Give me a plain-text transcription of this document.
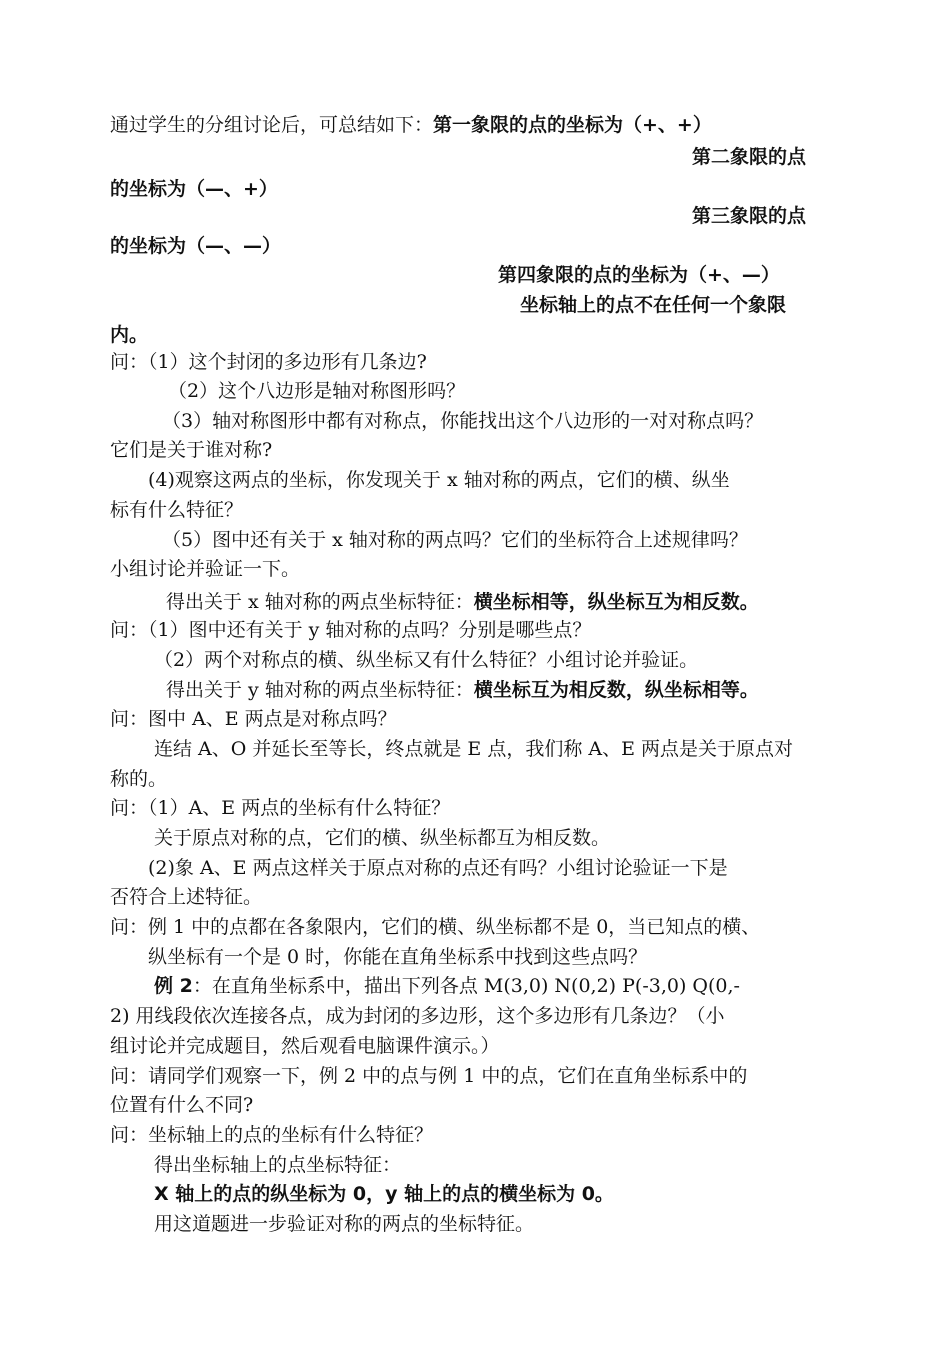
通过学生的分组讨论后，可总结如下：第一象限的点的坐标为（+、+）
第二象限的点
的坐标为（—、+）
第三象限的点
的坐标为（—、—）
第四象限的点的坐标为（+、—）
坐标轴上的点不在任何一个象限
内。
问：（1）这个封闭的多边形有几条边?
（2）这个八边形是轴对称图形吗？
（3）轴对称图形中都有对称点，你能找出这个八边形的一对对称点吗？
它们是关于谁对称?
(4)观察这两点的坐标，你发现关于 x 轴对称的两点，它们的横、纵坐
标有什么特征？
（5）图中还有关于 x 轴对称的两点吗？它们的坐标符合上述规律吗？
小组讨论并验证一下。
得出关于 x 轴对称的两点坐标特征：横坐标相等，纵坐标互为相反数。
问：（1）图中还有关于 y 轴对称的点吗？分别是哪些点？
（2）两个对称点的横、纵坐标又有什么特征？小组讨论并验证。
得出关于 y 轴对称的两点坐标特征：横坐标互为相反数，纵坐标相等。
问：图中 A、E 两点是对称点吗？
连结 A、O 并延长至等长，终点就是 E 点，我们称 A、E 两点是关于原点对
称的。
问：（1）A、E 两点的坐标有什么特征？
关于原点对称的点，它们的横、纵坐标都互为相反数。
(2)象 A、E 两点这样关于原点对称的点还有吗？小组讨论验证一下是
否符合上述特征。
问：例 1 中的点都在各象限内，它们的横、纵坐标都不是 0，当已知点的横、
纵坐标有一个是 0 时，你能在直角坐标系中找到这些点吗？
例 2：在直角坐标系中，描出下列各点 M(3,0) N(0,2) P(-3,0) Q(0,-
2) 用线段依次连接各点，成为封闭的多边形，这个多边形有几条边？（小
组讨论并完成题目，然后观看电脑课件演示。）
问：请同学们观察一下，例 2 中的点与例 1 中的点，它们在直角坐标系中的
位置有什么不同?
问：坐标轴上的点的坐标有什么特征？
得出坐标轴上的点坐标特征：
X 轴上的点的纵坐标为 0，y 轴上的点的横坐标为 0。
用这道题进一步验证对称的两点的坐标特征。
